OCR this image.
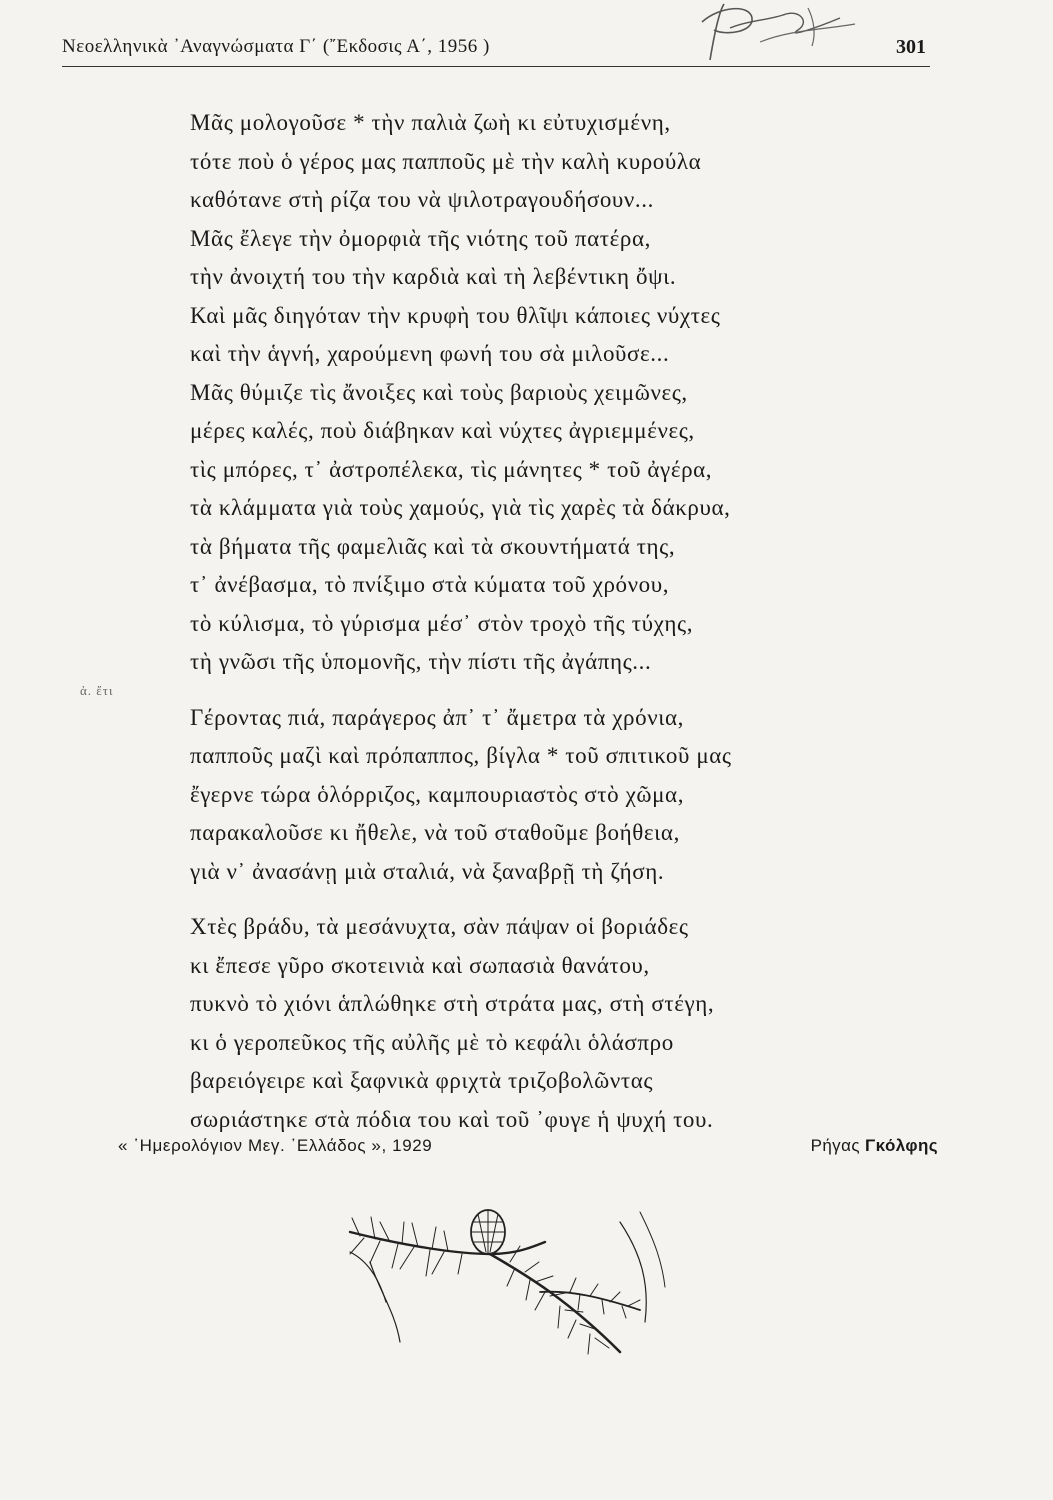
Νεοελληνικὰ ᾿Αναγνώσματα Γ΄ (῎Εκδοσις Α΄, 1956 )	301
Μᾶς μολογοῦσε * τὴν παλιὰ ζωὴ κι εὐτυχισμένη,
τότε ποὺ ὁ γέρος μας παπποῦς μὲ τὴν καλὴ κυρούλα
καθότανε στὴ ρίζα του νὰ ψιλοτραγουδήσουν...
Μᾶς ἔλεγε τὴν ὀμορφιὰ τῆς νιότης τοῦ πατέρα,
τὴν ἀνοιχτή του τὴν καρδιὰ καὶ τὴ λεβέντικη ὄψι.
Καὶ μᾶς διηγόταν τὴν κρυφὴ του θλῖψι κάποιες νύχτες
καὶ τὴν ἁγνή, χαρούμενη φωνή του σὰ μιλοῦσε...
Μᾶς θύμιζε τὶς ἄνοιξες καὶ τοὺς βαριοὺς χειμῶνες,
μέρες καλές, ποὺ διάβηκαν καὶ νύχτες ἀγριεμμένες,
τὶς μπόρες, τ᾿ ἀστροπέλεκα, τὶς μάνητες * τοῦ ἀγέρα,
τὰ κλάμματα γιὰ τοὺς χαμούς, γιὰ τὶς χαρὲς τὰ δάκρυα,
τὰ βήματα τῆς φαμελιᾶς καὶ τὰ σκουντήματά της,
τ᾿ ἀνέβασμα, τὸ πνίξιμο στὰ κύματα τοῦ χρόνου,
τὸ κύλισμα, τὸ γύρισμα μέσ᾿ στὸν τροχὸ τῆς τύχης,
τὴ γνῶσι τῆς ὑπομονῆς, τὴν πίστι τῆς ἀγάπης...
Γέροντας πιά, παράγερος ἀπ᾿ τ᾿ ἄμετρα τὰ χρόνια,
παπποῦς μαζὶ καὶ πρόπαππος, βίγλα * τοῦ σπιτικοῦ μας
ἔγερνε τώρα ὁλόρριζος, καμπουριαστὸς στὸ χῶμα,
παρακαλοῦσε κι ἤθελε, νὰ τοῦ σταθοῦμε βοήθεια,
γιὰ ν᾿ ἀνασάνῃ μιὰ σταλιά, νὰ ξαναβρῇ τὴ ζήση.
Χτὲς βράδυ, τὰ μεσάνυχτα, σὰν πάψαν οἱ βοριάδες
κι ἔπεσε γῦρο σκοτεινιὰ καὶ σωπασιὰ θανάτου,
πυκνὸ τὸ χιόνι ἁπλώθηκε στὴ στράτα μας, στὴ στέγη,
κι ὁ γεροπεῦκος τῆς αὐλῆς μὲ τὸ κεφάλι ὁλάσπρο
βαρειόγειρε καὶ ξαφνικὰ φριχτὰ τριζοβολῶντας
σωριάστηκε στὰ πόδια του καὶ τοῦ ᾿φυγε ἡ ψυχή του.
ἀ. ἔτι
« ῾Ημερολόγιον Μεγ. ῾Ελλάδος », 1929	Ρήγας Γκόλφης
